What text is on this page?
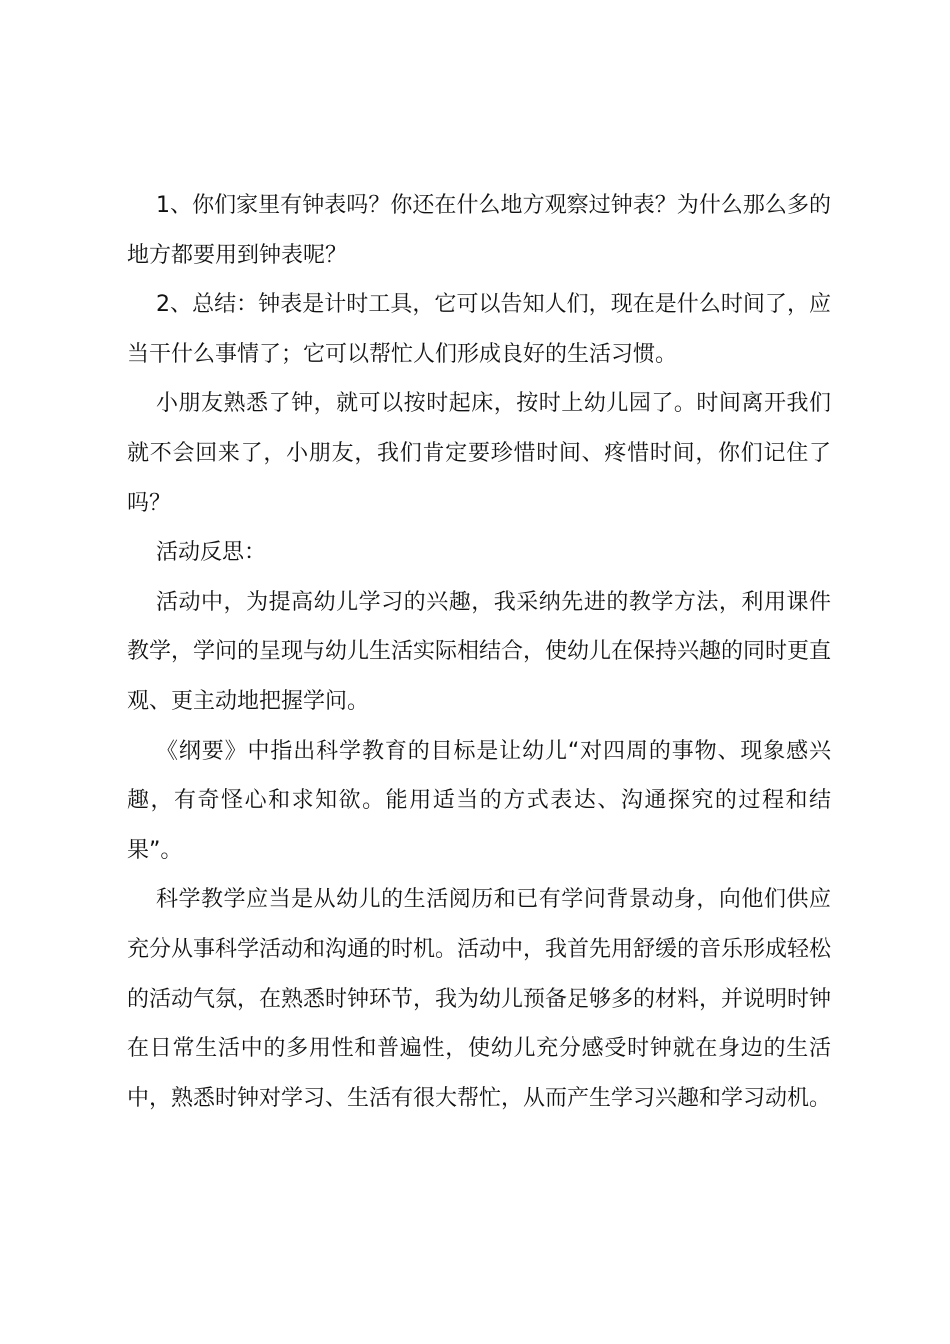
1、你们家里有钟表吗？你还在什么地方观察过钟表？为什么那么多的地方都要用到钟表呢？

2、总结：钟表是计时工具，它可以告知人们，现在是什么时间了，应当干什么事情了；它可以帮忙人们形成良好的生活习惯。

小朋友熟悉了钟，就可以按时起床，按时上幼儿园了。时间离开我们就不会回来了，小朋友，我们肯定要珍惜时间、疼惜时间，你们记住了吗？

活动反思：

活动中，为提高幼儿学习的兴趣，我采纳先进的教学方法，利用课件教学，学问的呈现与幼儿生活实际相结合，使幼儿在保持兴趣的同时更直观、更主动地把握学问。

《纲要》中指出科学教育的目标是让幼儿“对四周的事物、现象感兴趣，有奇怪心和求知欲。能用适当的方式表达、沟通探究的过程和结果”。

科学教学应当是从幼儿的生活阅历和已有学问背景动身，向他们供应充分从事科学活动和沟通的时机。活动中，我首先用舒缓的音乐形成轻松的活动气氛，在熟悉时钟环节，我为幼儿预备足够多的材料，并说明时钟在日常生活中的多用性和普遍性，使幼儿充分感受时钟就在身边的生活中，熟悉时钟对学习、生活有很大帮忙，从而产生学习兴趣和学习动机。
